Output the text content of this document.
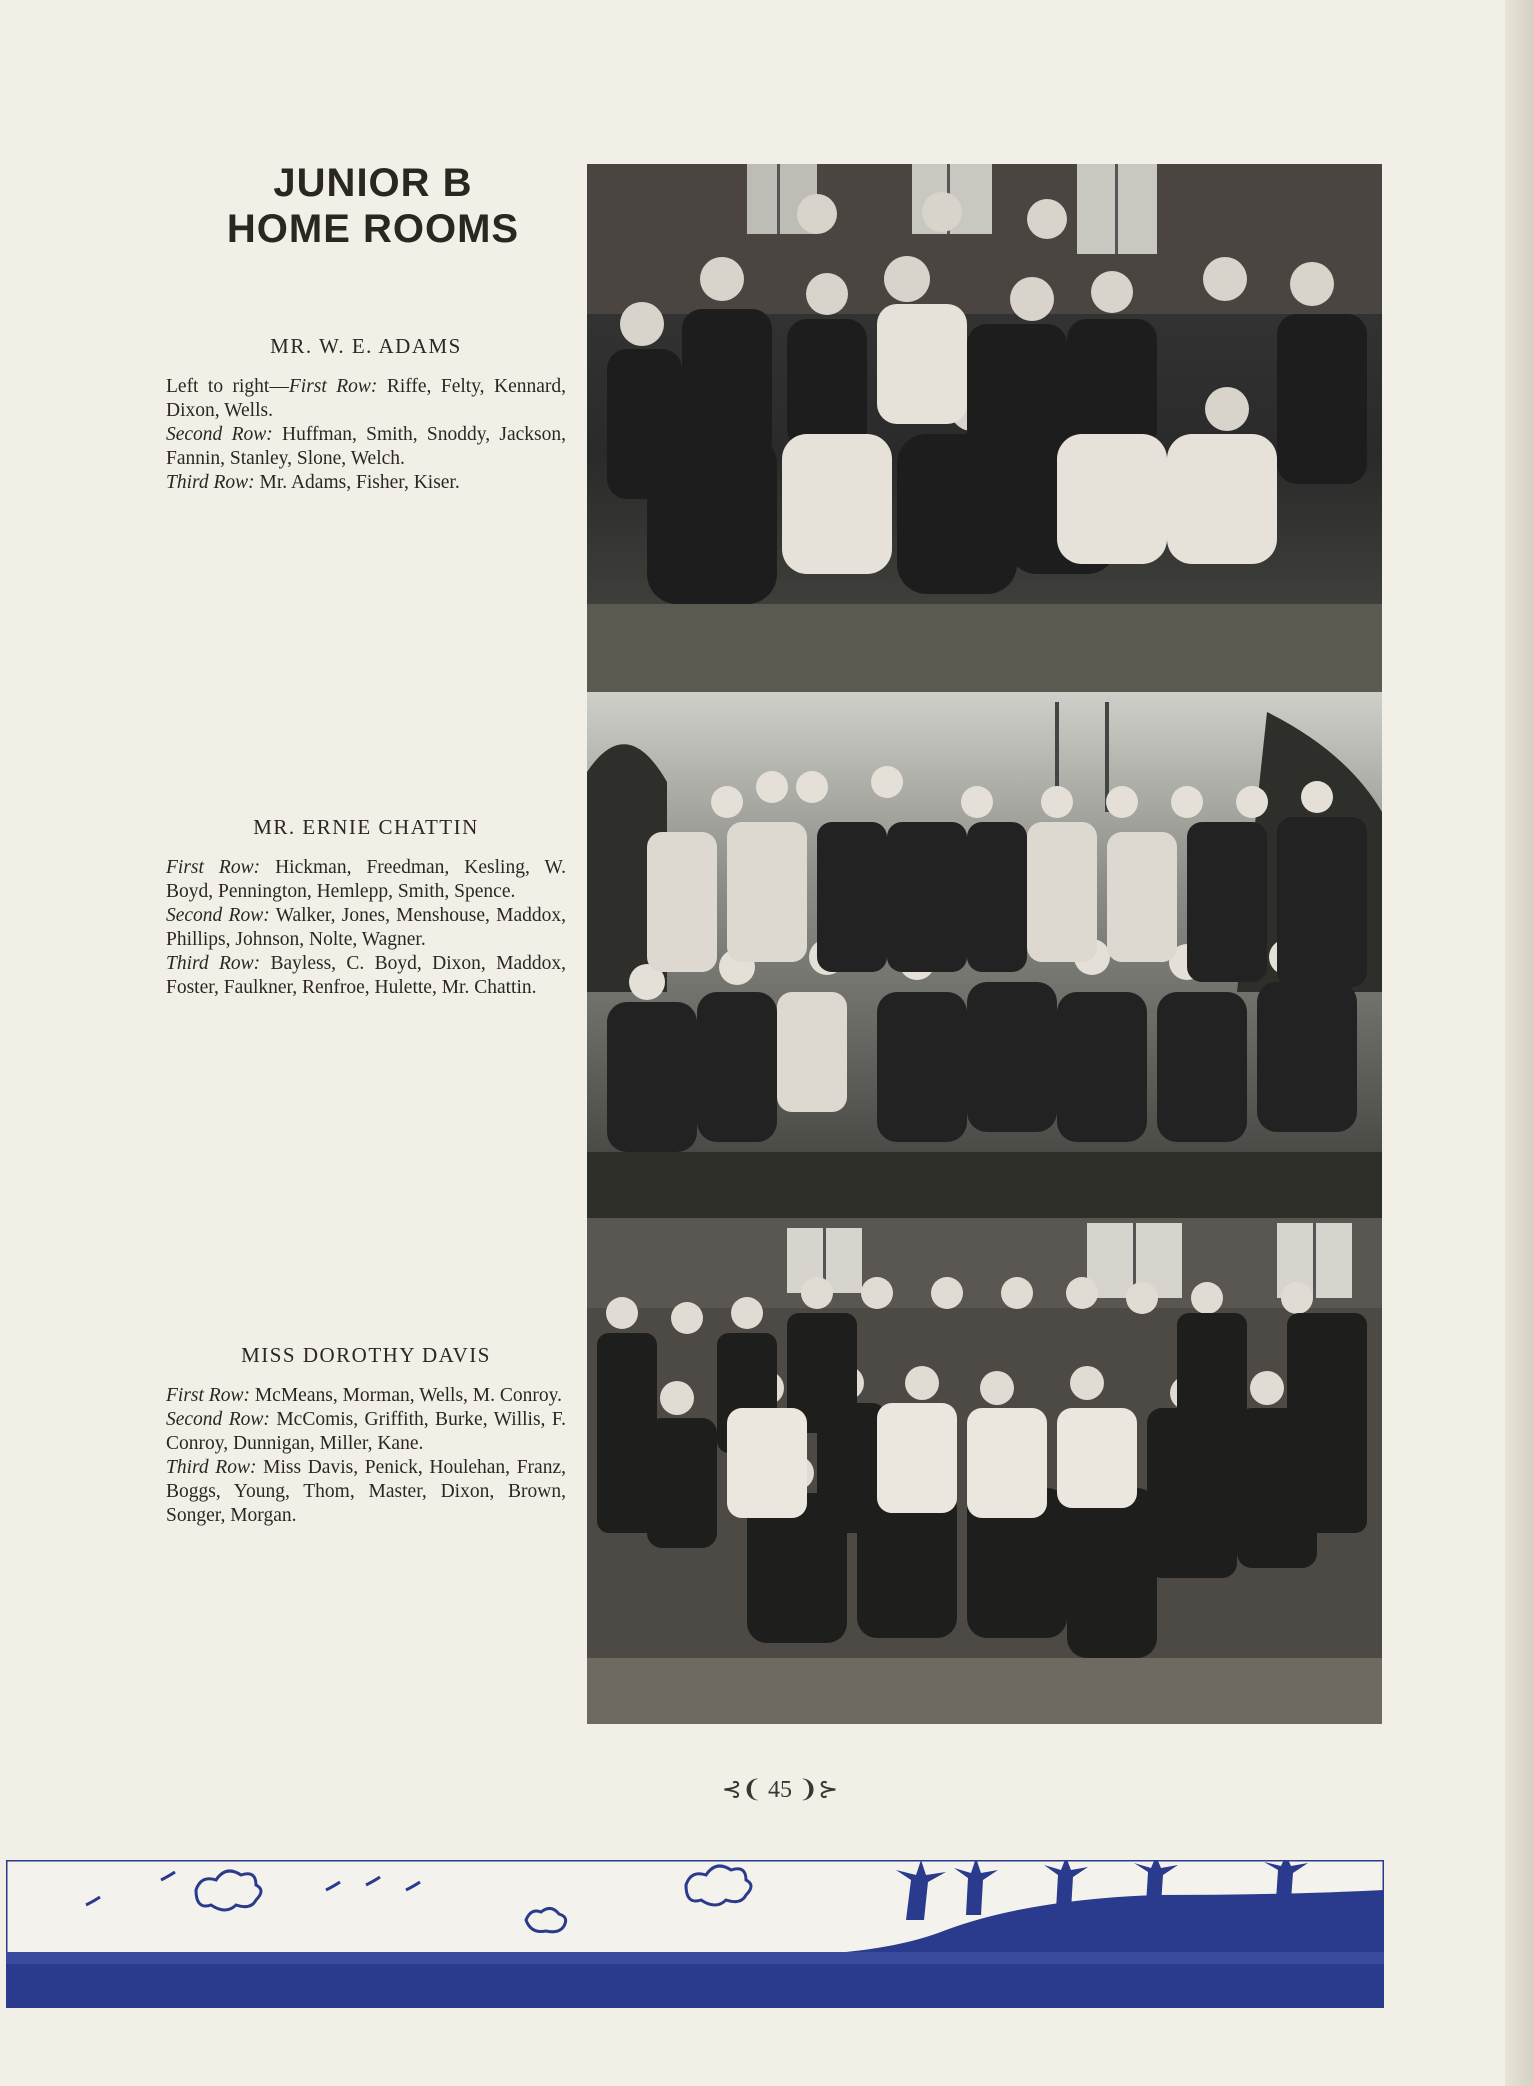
JUNIOR B
HOME ROOMS
MR. W. E. ADAMS

Left to right—First Row: Riffe, Felty, Kennard, Dixon, Wells.

Second Row: Huffman, Smith, Snoddy, Jackson, Fannin, Stanley, Slone, Welch.

Third Row: Mr. Adams, Fisher, Kiser.

MR. ERNIE CHATTIN

First Row: Hickman, Freedman, Kesling, W. Boyd, Pennington, Hemlepp, Smith, Spence.

Second Row: Walker, Jones, Menshouse, Maddox, Phillips, Johnson, Nolte, Wagner.

Third Row: Bayless, C. Boyd, Dixon, Maddox, Foster, Faulkner, Renfroe, Hulette, Mr. Chattin.

MISS DOROTHY DAVIS

First Row: McMeans, Morman, Wells, M. Conroy.

Second Row: McComis, Griffith, Burke, Willis, F. Conroy, Dunnigan, Miller, Kane.

Third Row: Miss Davis, Penick, Houlehan, Franz, Boggs, Young, Thom, Master, Dixon, Brown, Songer, Morgan.

⊰❨ 45 ❩⊱
